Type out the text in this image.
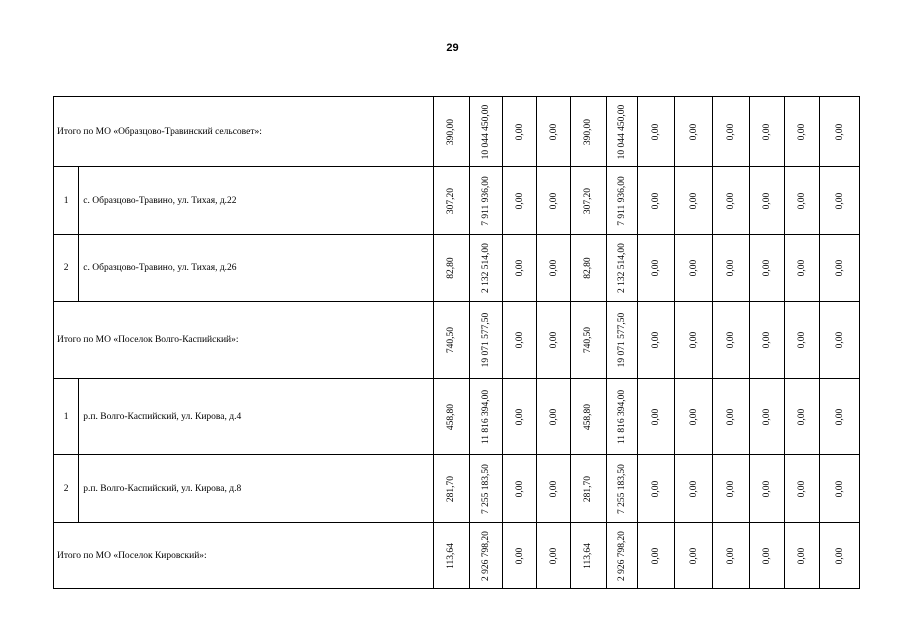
29
Итого по МО «Образцово-Травинский сельсовет»:		390,00	10 044 450,00	0,00	0,00	390,00	10 044 450,00	0,00	0,00	0,00	0,00	0,00	0,00

1	с. Образцово-Травино, ул. Тихая, д.22	307,20	7 911 936,00	0,00	0,00	307,20	7 911 936,00	0,00	0,00	0,00	0,00	0,00	0,00

2	с. Образцово-Травино, ул. Тихая, д.26	82,80	2 132 514,00	0,00	0,00	82,80	2 132 514,00	0,00	0,00	0,00	0,00	0,00	0,00

Итого по МО «Поселок Волго-Каспийский»:		740,50	19 071 577,50	0,00	0,00	740,50	19 071 577,50	0,00	0,00	0,00	0,00	0,00	0,00

1	р.п. Волго-Каспийский, ул. Кирова, д.4	458,80	11 816 394,00	0,00	0,00	458,80	11 816 394,00	0,00	0,00	0,00	0,00	0,00	0,00

2	р.п. Волго-Каспийский, ул. Кирова, д.8	281,70	7 255 183,50	0,00	0,00	281,70	7 255 183,50	0,00	0,00	0,00	0,00	0,00	0,00

Итого по МО «Поселок Кировский»:		113,64	2 926 798,20	0,00	0,00	113,64	2 926 798,20	0,00	0,00	0,00	0,00	0,00	0,00
